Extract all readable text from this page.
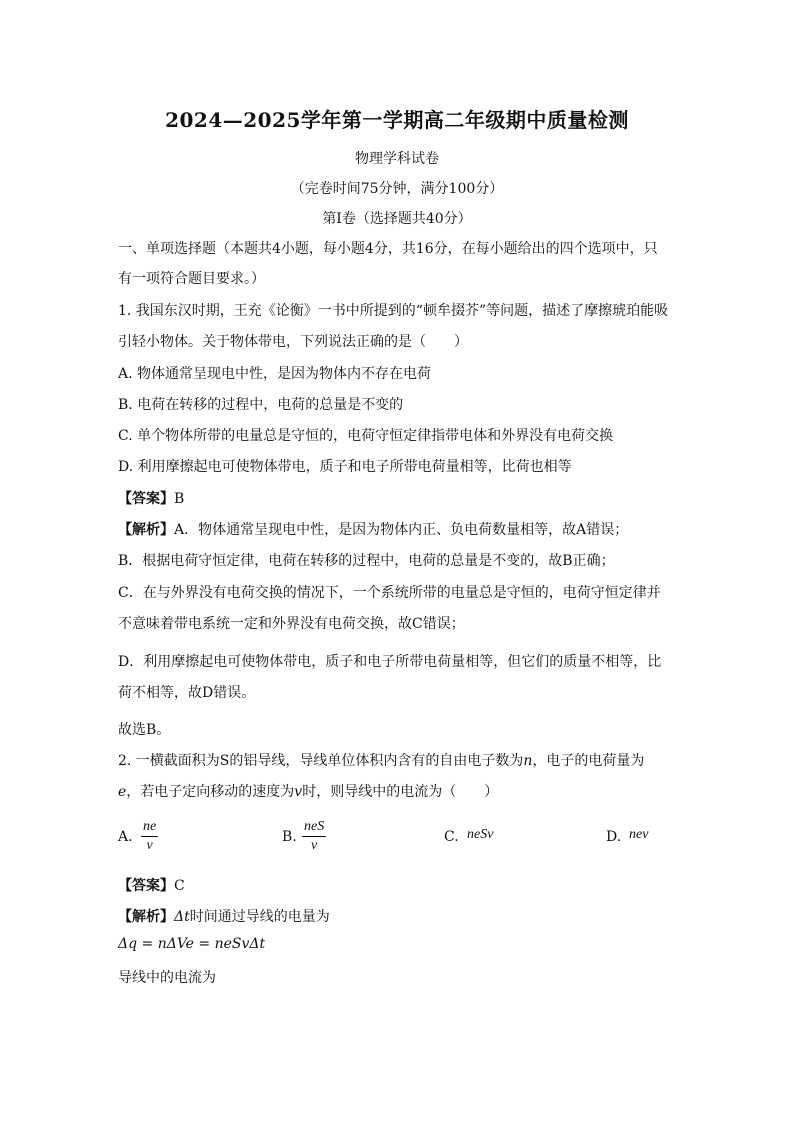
2024—2025学年第一学期高二年级期中质量检测
物理学科试卷
（完卷时间75分钟，满分100分）
第I卷（选择题共40分）
一、单项选择题（本题共4小题，每小题4分，共16分，在每小题给出的四个选项中，只
有一项符合题目要求。）
1. 我国东汉时期，王充《论衡》一书中所提到的“顿牟掇芥”等问题，描述了摩擦琥珀能吸
引轻小物体。关于物体带电，下列说法正确的是（　　）
A. 物体通常呈现电中性，是因为物体内不存在电荷
B. 电荷在转移的过程中，电荷的总量是不变的
C. 单个物体所带的电量总是守恒的，电荷守恒定律指带电体和外界没有电荷交换
D. 利用摩擦起电可使物体带电，质子和电子所带电荷量相等，比荷也相等
【答案】B
【解析】A．物体通常呈现电中性，是因为物体内正、负电荷数量相等，故A错误；
B．根据电荷守恒定律，电荷在转移的过程中，电荷的总量是不变的，故B正确；
C．在与外界没有电荷交换的情况下，一个系统所带的电量总是守恒的，电荷守恒定律并
不意味着带电系统一定和外界没有电荷交换，故C错误；
D．利用摩擦起电可使物体带电，质子和电子所带电荷量相等，但它们的质量不相等，比
荷不相等，故D错误。
故选B。
2. 一横截面积为S的铝导线，导线单位体积内含有的自由电子数为n，电子的电荷量为
e，若电子定向移动的速度为v时，则导线中的电流为（　　）
A. $\frac{ne}{v}$	B.
neS
v
C. neSv	D. nev
【答案】C
【解析】Δt时间通过导线的电量为
Δq = nΔVe = neSvΔt
导线中的电流为
